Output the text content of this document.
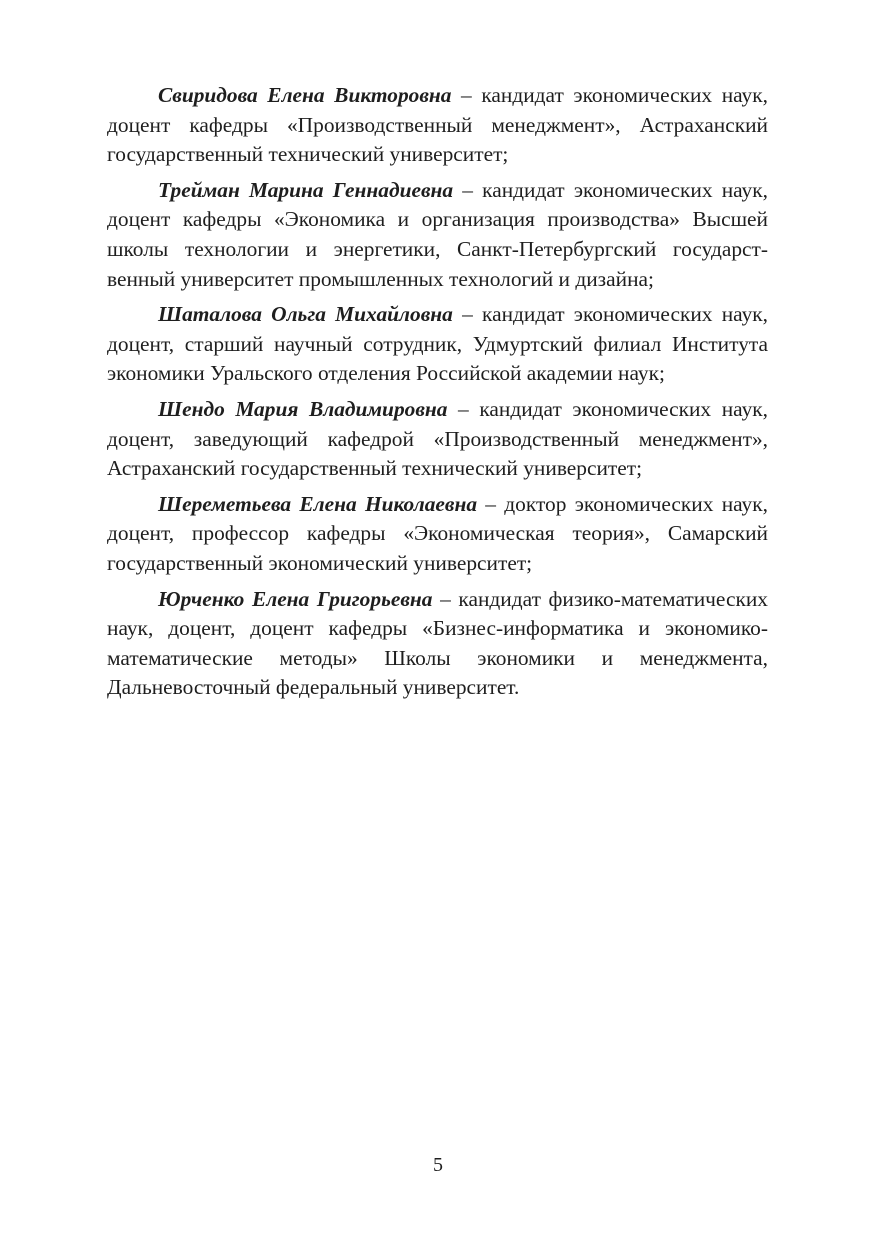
Свиридова Елена Викторовна – кандидат экономических наук, доцент кафедры «Производственный менеджмент», Астраханский государственный технический университет;

Трейман Марина Геннадиевна – кандидат экономических наук, доцент кафедры «Экономика и организация производства» Высшей школы технологии и энергетики, Санкт-Петербургский государственный университет промышленных технологий и дизайна;

Шаталова Ольга Михайловна – кандидат экономических наук, доцент, старший научный сотрудник, Удмуртский филиал Института экономики Уральского отделения Российской академии наук;

Шендо Мария Владимировна – кандидат экономических наук, доцент, заведующий кафедрой «Производственный менеджмент», Астраханский государственный технический университет;

Шереметьева Елена Николаевна – доктор экономических наук, доцент, профессор кафедры «Экономическая теория», Самарский государственный экономический университет;

Юрченко Елена Григорьевна – кандидат физико-математических наук, доцент, доцент кафедры «Бизнес-информатика и экономико-математические методы» Школы экономики и менеджмента, Дальневосточный федеральный университет.

5
